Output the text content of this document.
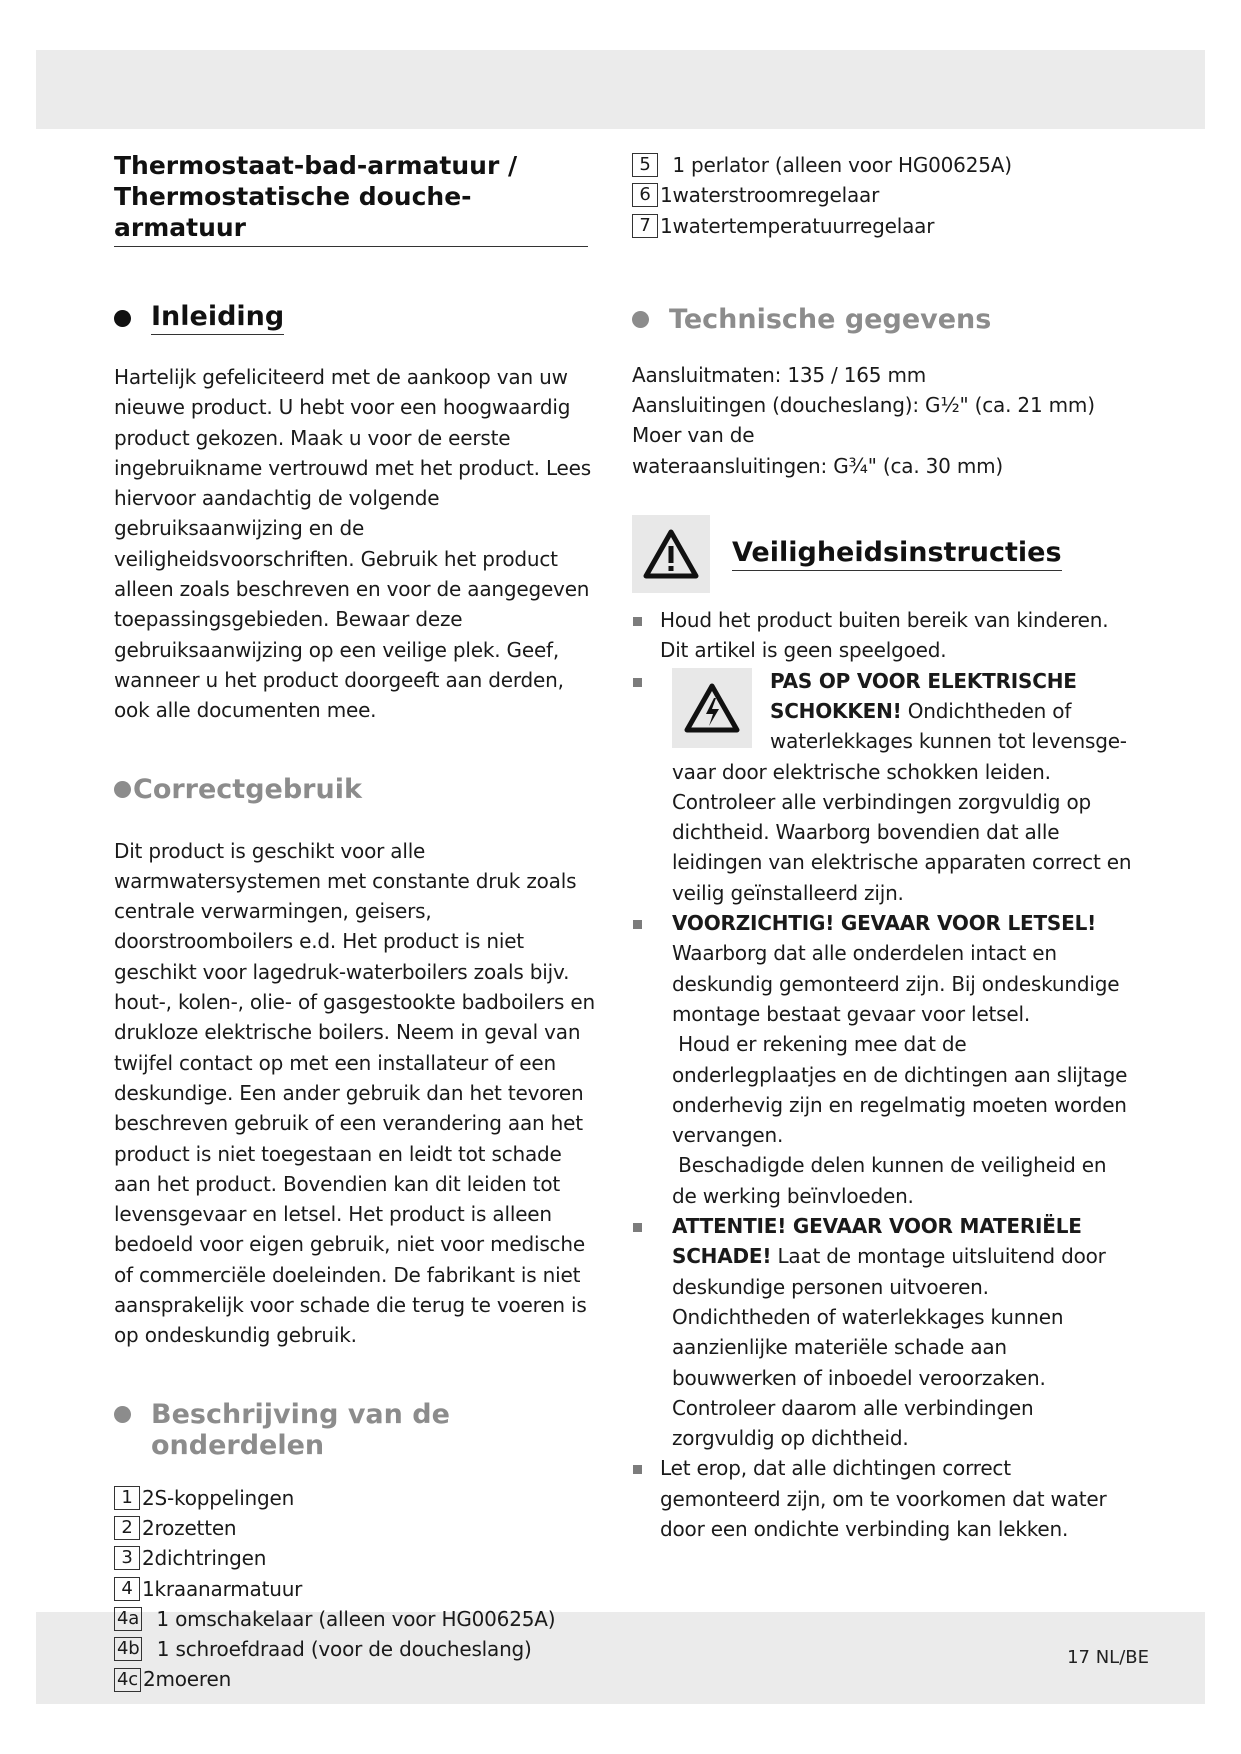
17 NL/BE
Thermostaat-bad-armatuur /
Thermostatische douche-armatuur
Inleiding

Hartelijk gefeliciteerd met de aankoop van uw nieuwe product. U hebt voor een hoogwaardig product gekozen. Maak u voor de eerste ingebruikname vertrouwd met het product. Lees hiervoor aandachtig de volgende gebruiksaanwijzing en de veiligheidsvoorschriften. Gebruik het product alleen zoals beschreven en voor de aangegeven toepassingsgebieden. Bewaar deze gebruiksaanwijzing op een veilige plek. Geef, wanneer u het product doorgeeft aan derden, ook alle documenten mee.

Correctgebruik

Dit product is geschikt voor alle warmwatersystemen met constante druk zoals centrale verwarmingen, geisers, doorstroomboilers e.d. Het product is niet geschikt voor lagedruk-waterboilers zoals bijv. hout-, kolen-, olie- of gasgestookte badboilers en drukloze elektrische boilers. Neem in geval van twijfel contact op met een installateur of een deskundige. Een ander gebruik dan het tevoren beschreven gebruik of een verandering aan het product is niet toegestaan en leidt tot schade aan het product. Bovendien kan dit leiden tot levensgevaar en letsel. Het product is alleen bedoeld voor eigen gebruik, niet voor medische of commerciële doeleinden. De fabrikant is niet aansprakelijk voor schade die terug te voeren is op ondeskundig gebruik.

Beschrijving van de
onderdelen
1 2S-koppelingen
2 2rozetten
3 2dichtringen
4 1kraanarmatuur
4a 1 omschakelaar (alleen voor HG00625A)
4b 1 schroefdraad (voor de doucheslang)
4c 2moeren
5 1 perlator (alleen voor HG00625A)
6 1waterstroomregelaar
7 1watertemperatuurregelaar
Technische gegevens
Aansluitmaten: 135 / 165 mm
Aansluitingen (doucheslang): G½" (ca. 21 mm)
Moer van de
wateraansluitingen: G¾" (ca. 30 mm)
Veiligheidsinstructies
Houd het product buiten bereik van kinderen. Dit artikel is geen speelgoed.
PAS OP VOOR ELEKTRISCHE
SCHOKKEN! Ondichtheden of
waterlekkages kunnen tot levensge-
vaar door elektrische schokken leiden. Controleer alle verbindingen zorgvuldig op dichtheid. Waarborg bovendien dat alle leidingen van elektrische apparaten correct en veilig geïnstalleerd zijn.
VOORZICHTIG! GEVAAR VOOR LETSEL!
Waarborg dat alle onderdelen intact en deskundig gemonteerd zijn. Bij ondeskundige montage bestaat gevaar voor letsel.
Houd er rekening mee dat de onderlegplaatjes en de dichtingen aan slijtage onderhevig zijn en regelmatig moeten worden vervangen.
Beschadigde delen kunnen de veiligheid en de werking beïnvloeden.
ATTENTIE! GEVAAR VOOR MATERIËLE
SCHADE! Laat de montage uitsluitend door deskundige personen uitvoeren. Ondichtheden of waterlekkages kunnen aanzienlijke materiële schade aan bouwwerken of inboedel veroorzaken. Controleer daarom alle verbindingen zorgvuldig op dichtheid.
Let erop, dat alle dichtingen correct gemonteerd zijn, om te voorkomen dat water door een ondichte verbinding kan lekken.
